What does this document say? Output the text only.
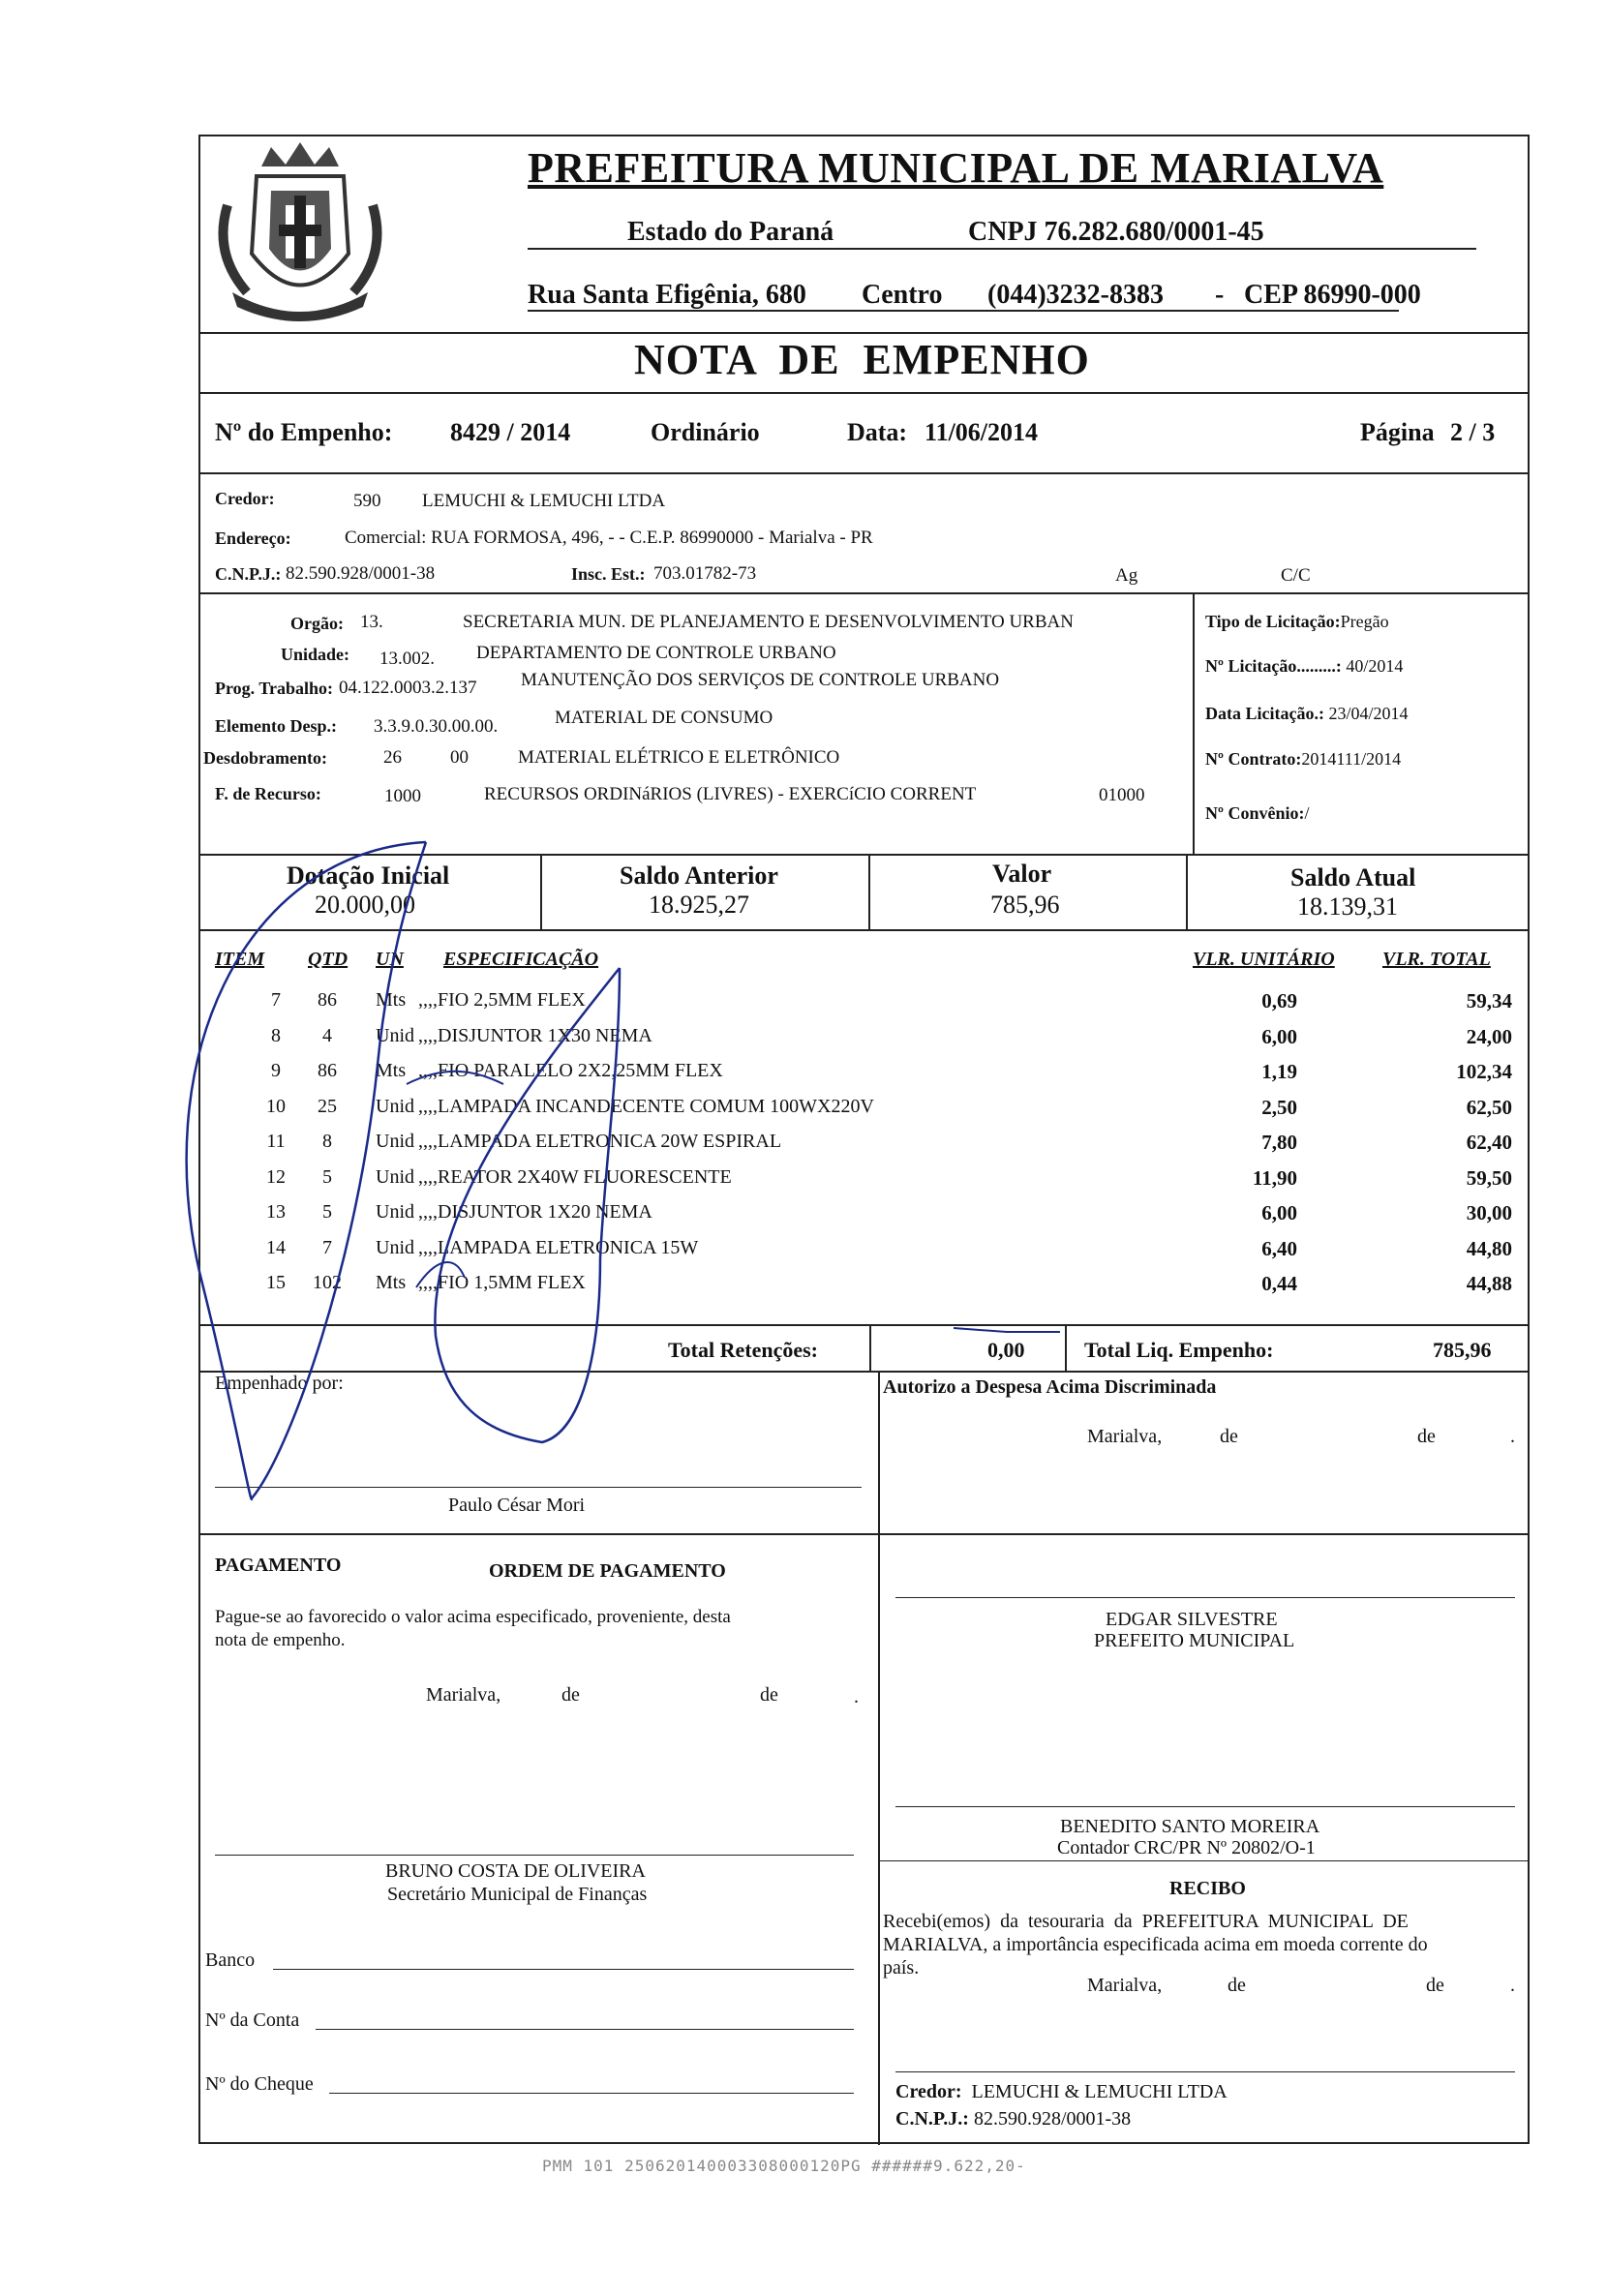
PREFEITURA MUNICIPAL DE MARIALVA
Estado do Paraná	CNPJ 76.282.680/0001-45
Rua Santa Efigênia, 680 Centro (044)3232-8383 - CEP 86990-000
NOTA  DE  EMPENHO
Nº do Empenho: 8429 / 2014	Ordinário	Data: 11/06/2014	Página 2 / 3
Credor:	590 LEMUCHI & LEMUCHI LTDA
Endereço:	Comercial: RUA FORMOSA, 496, - - C.E.P. 86990000 - Marialva - PR
C.N.P.J.: 82.590.928/0001-38	Insc. Est.: 703.01782-73	Ag	C/C
Orgão: 13.	SECRETARIA MUN. DE PLANEJAMENTO E DESENVOLVIMENTO URBAN
Unidade: 13.002. DEPARTAMENTO DE CONTROLE URBANO
Prog. Trabalho: 04.122.0003.2.137 MANUTENÇÃO DOS SERVIÇOS DE CONTROLE URBANO
Elemento Desp.: 3.3.9.0.30.00.00.	MATERIAL DE CONSUMO
Desdobramento:	26	00	MATERIAL ELÉTRICO E ELETRÔNICO
F. de Recurso:	1000	RECURSOS ORDINáRIOS (LIVRES) - EXERCíCIO CORRENT	01000
Tipo de Licitação:Pregão
Nº Licitação.........: 40/2014
Data Licitação.: 23/04/2014
Nº Contrato:2014111/2014
Nº Convênio:/
Dotação Inicial
20.000,00
Saldo Anterior
18.925,27
Valor
785,96
Saldo Atual
18.139,31
ITEM QTD UN ESPECIFICAÇÃO	VLR. UNITÁRIO VLR. TOTAL
7	86	Mts ,,,,FIO 2,5MM FLEX	0,69	59,34
8	4	Unid ,,,,DISJUNTOR 1X30 NEMA	6,00	24,00
9	86	Mts ,,,,FIO PARALELO 2X2,25MM FLEX	1,19	102,34
10	25	Unid ,,,,LAMPADA INCANDECENTE COMUM 100WX220V	2,50	62,50
11	8	Unid ,,,,LAMPADA ELETRONICA 20W ESPIRAL	7,80	62,40
12	5	Unid ,,,,REATOR 2X40W FLUORESCENTE	11,90	59,50
13	5	Unid ,,,,DISJUNTOR 1X20 NEMA	6,00	30,00
14	7	Unid ,,,,LAMPADA ELETRONICA 15W	6,40	44,80
15 102 Mts ,,,,FIO 1,5MM FLEX	0,44	44,88
Total Retenções:	0,00	Total Liq. Empenho:	785,96
Empenhado por:
Paulo César Mori
Autorizo a Despesa Acima Discriminada
Marialva,	de	de	.
PAGAMENTO	ORDEM DE PAGAMENTO
Pague-se ao favorecido o valor acima especificado, proveniente, desta
nota de empenho.
Marialva,	de	de	.
EDGAR SILVESTRE
PREFEITO MUNICIPAL
BENEDITO SANTO MOREIRA
Contador CRC/PR Nº 20802/O-1
BRUNO COSTA DE OLIVEIRA
Secretário Municipal de Finanças	RECIBO
Recebi(emos)  da  tesouraria  da  PREFEITURA  MUNICIPAL  DE
MARIALVA, a importância especificada acima em moeda corrente do
país.
Marialva,	de	de	.
Banco
Nº da Conta
Nº do Cheque	Credor: LEMUCHI & LEMUCHI LTDA
C.N.P.J.: 82.590.928/0001-38
PMM 101 250620140003308000120PG ######9.622,20-
